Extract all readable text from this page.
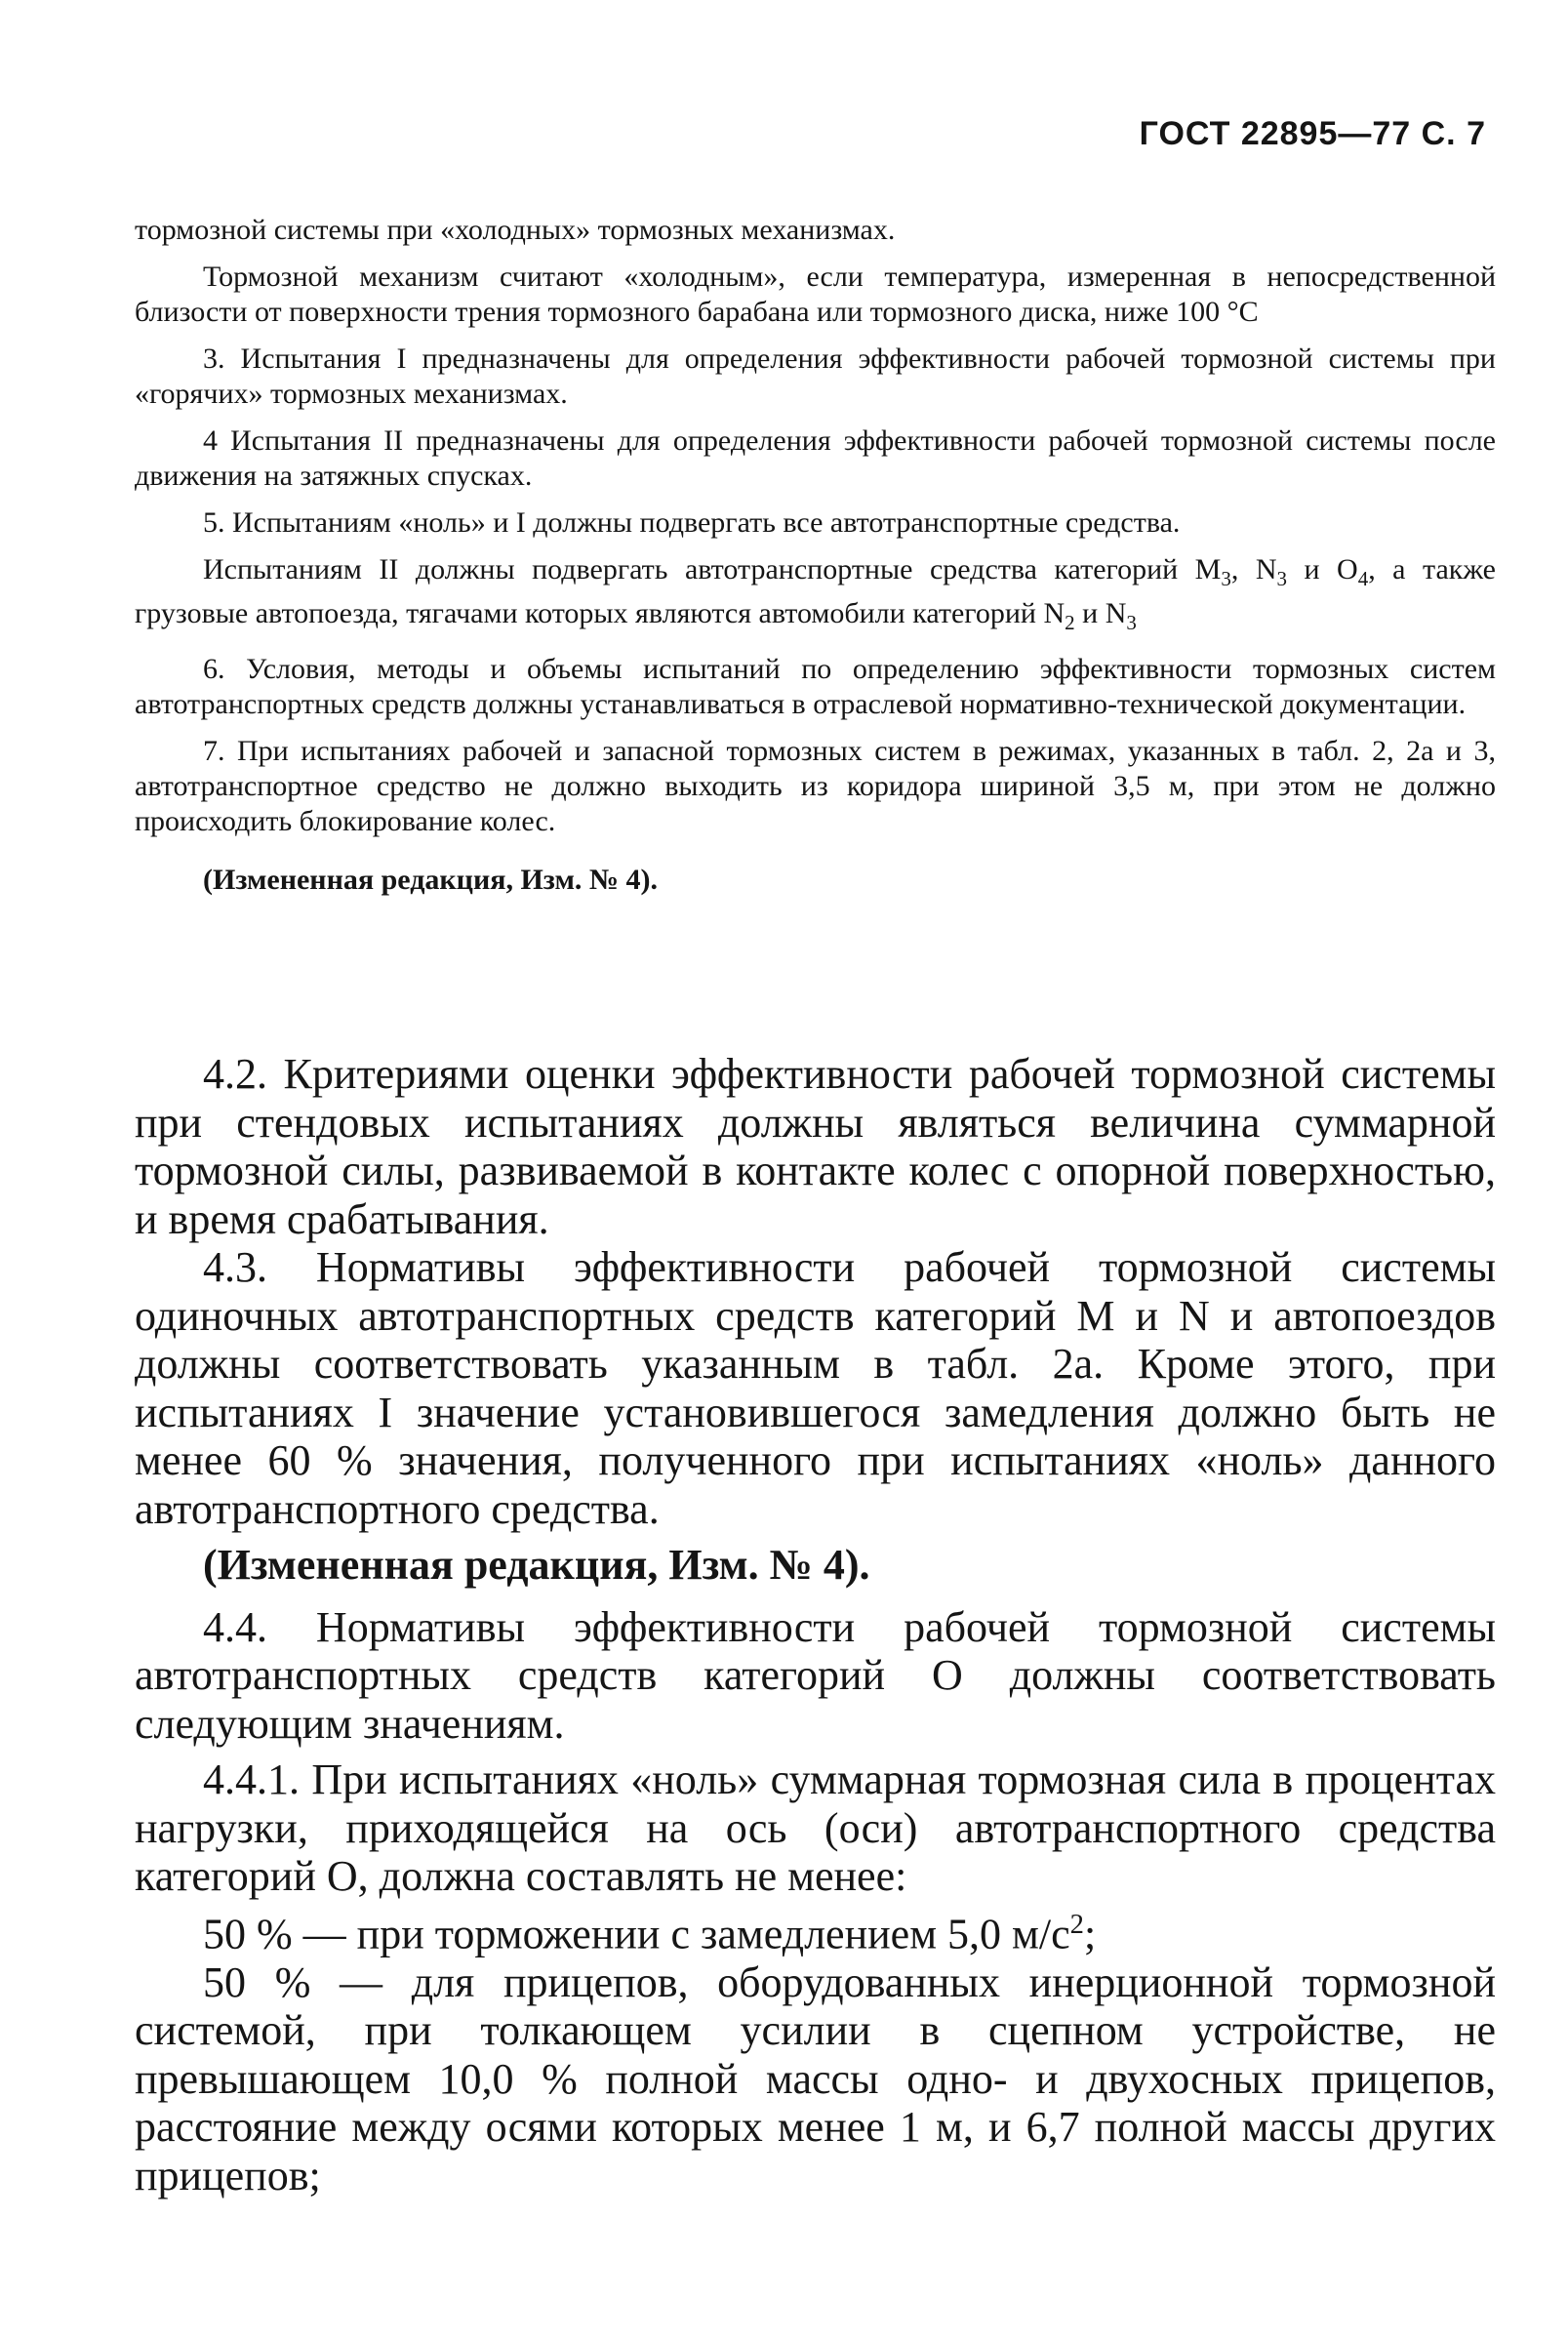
ГОСТ 22895—77 С. 7

тормозной системы при «холодных» тормозных механизмах.

Тормозной механизм считают «холодным», если температура, измеренная в непосредственной близости от поверхности трения тормозного барабана или тормозного диска, ниже 100 °С

3. Испытания I предназначены для определения эффективности рабочей тормозной системы при «горячих» тормозных механизмах.

4 Испытания II предназначены для определения эффективности рабочей тормозной системы после движения на затяжных спусках.

5. Испытаниям «ноль» и I должны подвергать все автотранспортные средства.

Испытаниям II должны подвергать автотранспортные средства категорий $M_3$, $N_3$ и $O_4$, а также грузовые автопоезда, тягачами которых являются автомобили категорий $N_2$ и $N_3$

6. Условия, методы и объемы испытаний по определению эффективности тормозных систем автотранспортных средств должны устанавливаться в отраслевой нормативно-технической документации.

7. При испытаниях рабочей и запасной тормозных систем в режимах, указанных в табл. 2, 2а и 3, автотранспортное средство не должно выходить из коридора шириной 3,5 м, при этом не должно происходить блокирование колес.

(Измененная редакция, Изм. № 4).

4.2. Критериями оценки эффективности рабочей тормозной системы при стендовых испытаниях должны являться величина суммарной тормозной силы, развиваемой в контакте колес с опорной поверхностью, и время срабатывания.

4.3. Нормативы эффективности рабочей тормозной системы одиночных автотранспортных средств категорий М и N и автопоездов должны соответствовать указанным в табл. 2а. Кроме этого, при испытаниях I значение установившегося замедления должно быть не менее 60 % значения, полученного при испытаниях «ноль» данного автотранспортного средства.

(Измененная редакция, Изм. № 4).

4.4. Нормативы эффективности рабочей тормозной системы автотранспортных средств категорий О должны соответствовать следующим значениям.

4.4.1. При испытаниях «ноль» суммарная тормозная сила в процентах нагрузки, приходящейся на ось (оси) автотранспортного средства категорий О, должна составлять не менее:

50 % — при торможении с замедлением 5,0 $м/с^2$;

50 % — для прицепов, оборудованных инерционной тормозной системой, при толкающем усилии в сцепном устройстве, не превышающем 10,0 % полной массы одно- и двухосных прицепов, расстояние между осями которых менее 1 м, и 6,7 полной массы других прицепов;
